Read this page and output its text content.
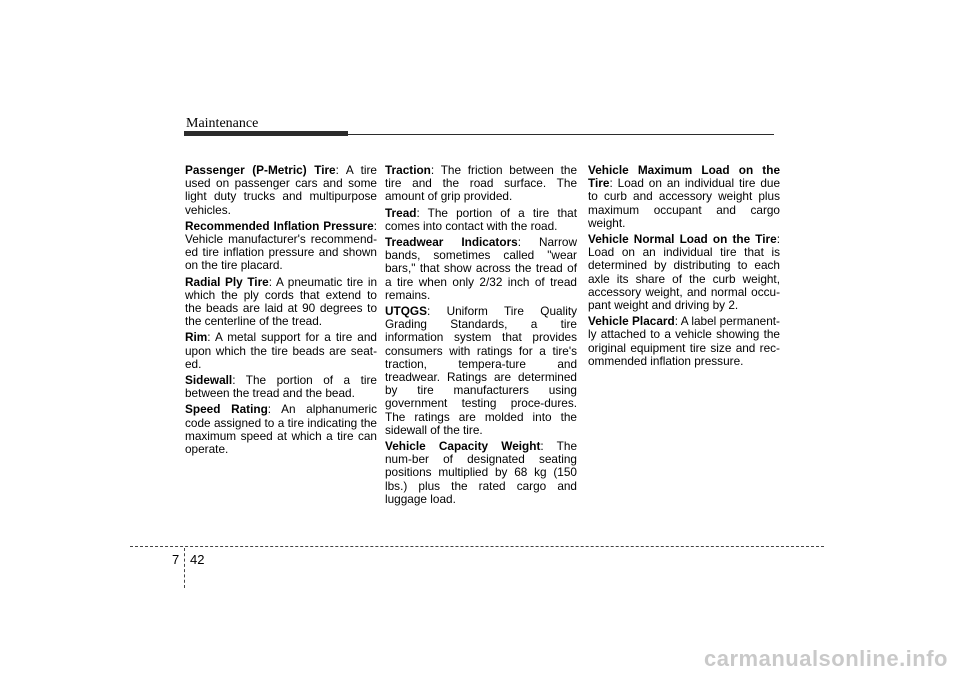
Maintenance

Passenger (P-Metric) Tire: A tire used on passenger cars and some light duty trucks and multipurpose vehicles.

Recommended Inflation Pressure: Vehicle manufacturer's recommend-ed tire inflation pressure and shown on the tire placard.

Radial Ply Tire: A pneumatic tire in which the ply cords that extend to the beads are laid at 90 degrees to the centerline of the tread.

Rim: A metal support for a tire and upon which the tire beads are seat-ed.

Sidewall: The portion of a tire between the tread and the bead.

Speed Rating: An alphanumeric code assigned to a tire indicating the maximum speed at which a tire can operate.

Traction: The friction between the tire and the road surface. The amount of grip provided.

Tread: The portion of a tire that comes into contact with the road.

Treadwear Indicators: Narrow bands, sometimes called "wear bars," that show across the tread of a tire when only 2/32 inch of tread remains.

UTQGS: Uniform Tire Quality Grading Standards, a tire information system that provides consumers with ratings for a tire's traction, tempera-ture and treadwear. Ratings are determined by tire manufacturers using government testing proce-dures. The ratings are molded into the sidewall of the tire.

Vehicle Capacity Weight: The num-ber of designated seating positions multiplied by 68 kg (150 lbs.) plus the rated cargo and luggage load.

Vehicle Maximum Load on the Tire: Load on an individual tire due to curb and accessory weight plus maximum occupant and cargo weight.

Vehicle Normal Load on the Tire: Load on an individual tire that is determined by distributing to each axle its share of the curb weight, accessory weight, and normal occu-pant weight and driving by 2.

Vehicle Placard: A label permanent-ly attached to a vehicle showing the original equipment tire size and rec-ommended inflation pressure.

7 42
carmanualsonline.info
